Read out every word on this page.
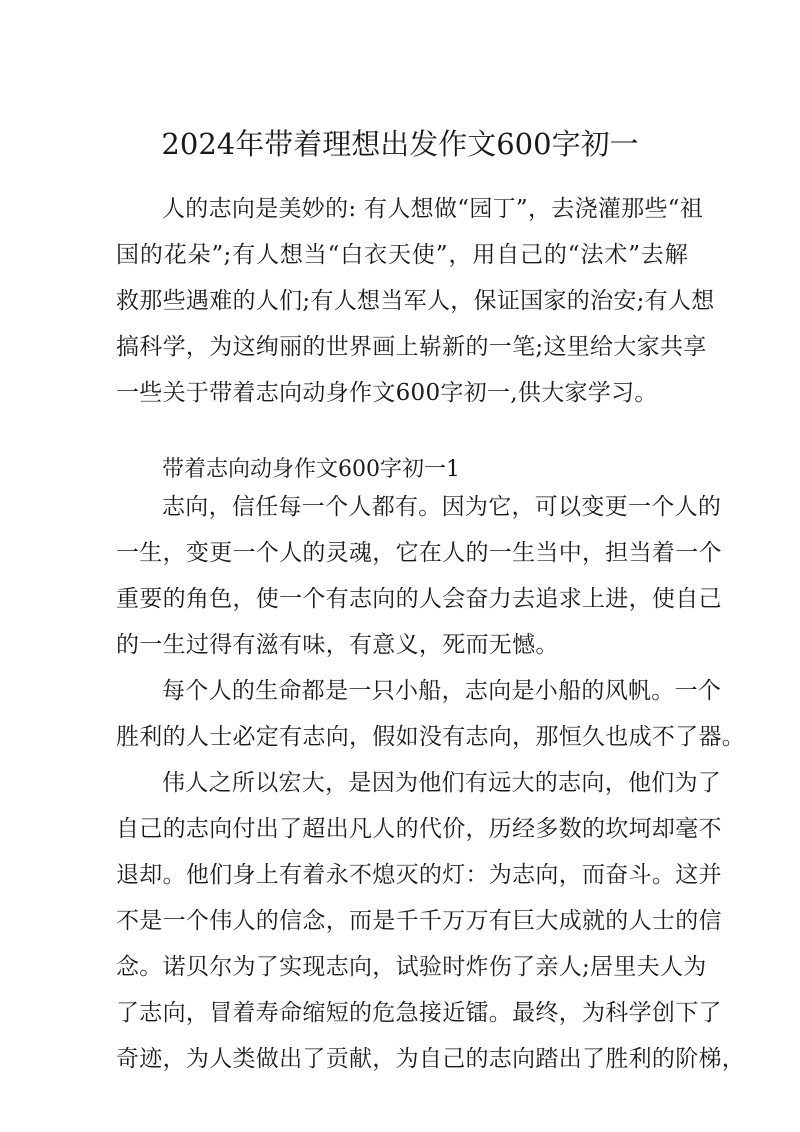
2024年带着理想出发作文600字初一
人的志向是美妙的: 有人想做“园丁”，去浇灌那些“祖
国的花朵”;有人想当“白衣天使”，用自己的“法术”去解
救那些遇难的人们;有人想当军人，保证国家的治安;有人想
搞科学，为这绚丽的世界画上崭新的一笔;这里给大家共享
一些关于带着志向动身作文600字初一,供大家学习。
带着志向动身作文600字初一1
志向，信任每一个人都有。因为它，可以变更一个人的
一生，变更一个人的灵魂，它在人的一生当中，担当着一个
重要的角色，使一个有志向的人会奋力去追求上进，使自己
的一生过得有滋有味，有意义，死而无憾。
每个人的生命都是一只小船，志向是小船的风帆。一个
胜利的人士必定有志向，假如没有志向，那恒久也成不了器。
伟人之所以宏大，是因为他们有远大的志向，他们为了
自己的志向付出了超出凡人的代价，历经多数的坎坷却毫不
退却。他们身上有着永不熄灭的灯：为志向，而奋斗。这并
不是一个伟人的信念，而是千千万万有巨大成就的人士的信
念。诺贝尔为了实现志向，试验时炸伤了亲人;居里夫人为
了志向，冒着寿命缩短的危急接近镭。最终，为科学创下了
奇迹，为人类做出了贡献，为自己的志向踏出了胜利的阶梯，
